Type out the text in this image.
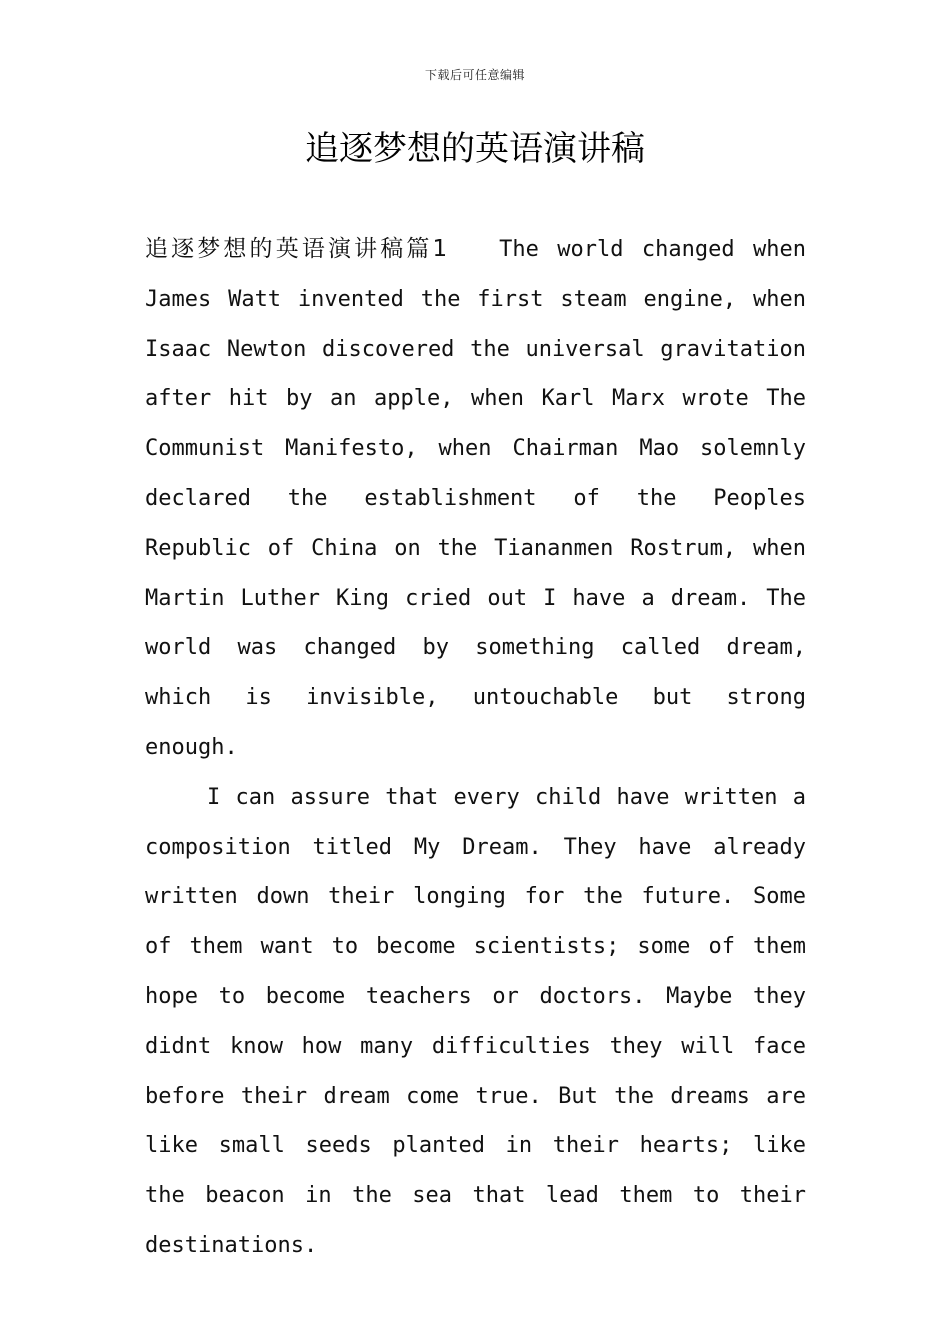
下载后可任意编辑
追逐梦想的英语演讲稿

追逐梦想的英语演讲稿篇1 The world changed when James Watt invented the first steam engine, when Isaac Newton discovered the universal gravitation after hit by an apple, when Karl Marx wrote The Communist Manifesto, when Chairman Mao solemnly declared the establishment of the Peoples Republic of China on the Tiananmen Rostrum, when Martin Luther King cried out I have a dream. The world was changed by something called dream, which is invisible, untouchable but strong enough.

I can assure that every child have written a composition titled My Dream. They have already written down their longing for the future. Some of them want to become scientists; some of them hope to become teachers or doctors. Maybe they didnt know how many difficulties they will face before their dream come true. But the dreams are like small seeds planted in their hearts; like the beacon in the sea that lead them to their destinations.
